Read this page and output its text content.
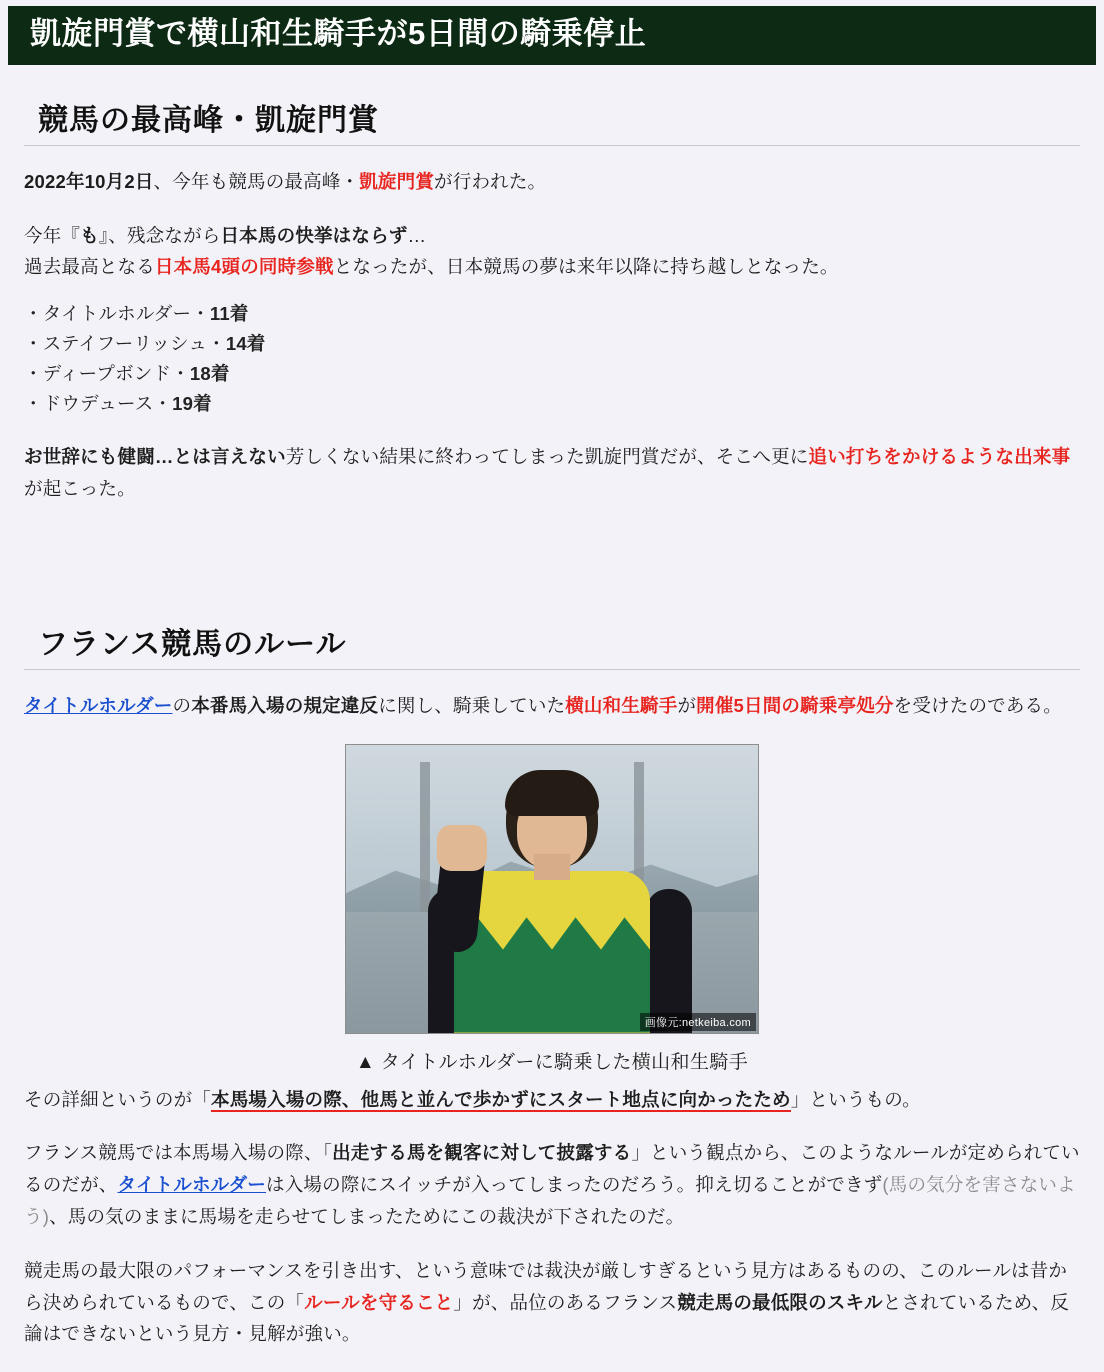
凱旋門賞で横山和生騎手が5日間の騎乗停止
競馬の最高峰・凱旋門賞

2022年10月2日、今年も競馬の最高峰・凱旋門賞が行われた。

今年『も』、残念ながら日本馬の快挙はならず…
過去最高となる日本馬4頭の同時参戦となったが、日本競馬の夢は来年以降に持ち越しとなった。

・タイトルホルダー・11着
・ステイフーリッシュ・14着
・ディープボンド・18着
・ドウデュース・19着

お世辞にも健闘…とは言えない芳しくない結果に終わってしまった凱旋門賞だが、そこへ更に追い打ちをかけるような出来事が起こった。

フランス競馬のルール

タイトルホルダーの本番馬入場の規定違反に関し、騎乗していた横山和生騎手が開催5日間の騎乗亭処分を受けたのである。

画像元:netkeiba.com
▲ タイトルホルダーに騎乗した横山和生騎手

その詳細というのが「本馬場入場の際、他馬と並んで歩かずにスタート地点に向かったため」というもの。

フランス競馬では本馬場入場の際、「出走する馬を観客に対して披露する」という観点から、このようなルールが定められているのだが、タイトルホルダーは入場の際にスイッチが入ってしまったのだろう。抑え切ることができず(馬の気分を害さないよう)、馬の気のままに馬場を走らせてしまったためにこの裁決が下されたのだ。

競走馬の最大限のパフォーマンスを引き出す、という意味では裁決が厳しすぎるという見方はあるものの、このルールは昔から決められているもので、この「ルールを守ること」が、品位のあるフランス競走馬の最低限のスキルとされているため、反論はできないという見方・見解が強い。
